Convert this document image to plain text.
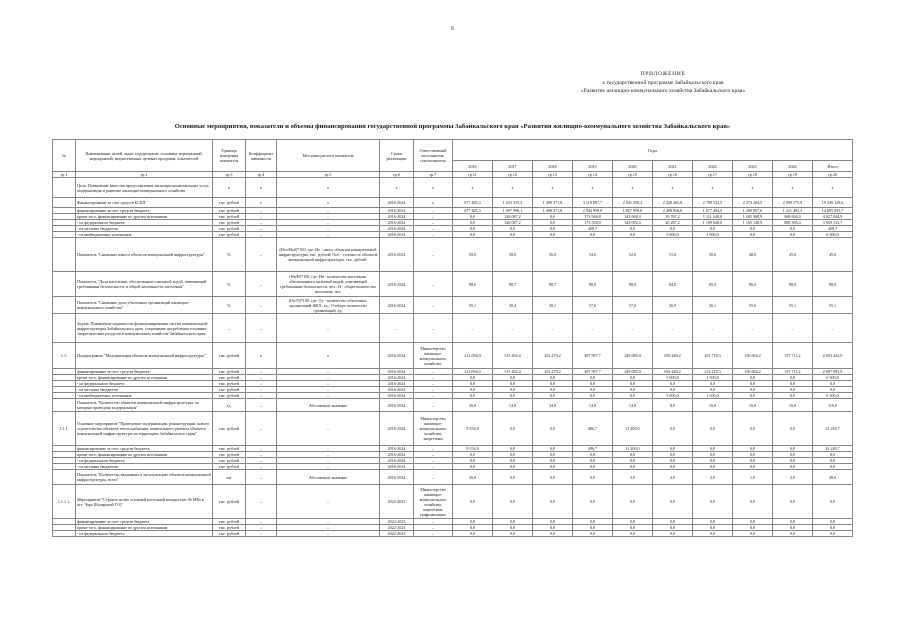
6
ПРИЛОЖЕНИЕ
к государственной программе Забайкальского края
«Развитие жилищно-коммунального хозяйства Забайкальского края»
Основные мероприятия, показатели и объемы финансирования государственной программы Забайкальского края «Развития жилищно-коммунального хозяйства Забайкальского края»
№	Наименование целей, задач, подпрограмм, основных мероприятий, мероприятий, ведомственных целевых программ, показателей	Единица измерения показателя	Коэффициент значимости	Методика расчета показателя	Сроки реализации	Ответственный исполнитель, соисполнитель	Годы									
							2016	2017	2018	2019	2020	2021	2022	2023	2024	Итого
гр.1	гр.2	гр.3	гр.4	гр.5	гр.6	гр.7	гр.11	гр.12	гр.13	гр.14	гр.15	гр.16	гр.17	гр.18	гр.19	гр.20
	Цель: Повышение качества предоставления жилищно-коммунальных услуг, модернизация и развитие жилищно-коммунального хозяйства.	х	х	х	х	х	х	х	х	х	х	х	х	х	х	х
	Финансирование за счет средств БСЕП	тыс. рублей	х	х	2016-2024	х	677 485,3	1 023 315,3	1 498 371,8	3 118 897,7	2 041 258,4	2 428 265,8	2 788 532,5	2 274 204,5	2 090 175,9	19 330 129,6
	финансирование за счет средств бюджета	тыс. рублей	–	–	2016-2024	–	677 485,3	1 097 998,1	1 498 371,8	2 944 959,9	1 857 950,0	2 498 056,6	1 677 494,5	1 200 957,6	1 221 492,3	14 695 095,7
	кроме того, финансирование по другим источникам	тыс. рублей	–	–	2016-2024	–	0,0	326 087,2	0,0	173 946,8	343 668,4	19 767,2	1 111 148,0	1 165 368,9	868 694,4	4 027 044,9
	- из федерального бюджета	тыс. рублей	–	–	2016-2024	–	0,0	326 087,2	0,0	173 558,0	343 092,4	20 287,2	1 109 648,0	1 165 148,9	898 395,4	3 859 133,7
	- из местных бюджетов	тыс. рублей	–	–	2016-2024	–	0,0	0,0	0,0	408,7	0,0	0,0	0,0	0,0	0,0	408,7
	- из внебюджетных источников	тыс. рублей	–	–	2016-2024	–	0,0	0,0	0,0	0,0	0,0	5 000,0	1 500,0	0,0	0,0	6 500,0
	Показатель "Снижение износа объектов коммунальной инфраструктуры"	%	–	(Исо/Иоб)*100, где: Ио - износ объектов коммунальной инфраструктуры, тыс. рублей; Ооб - стоимость объектов коммунальной инфраструктуры, тыс. рублей.	2016-2024	–	59,0	58,0	56,0	54,0	52,0	51,0	50,0	48,0	45,0	45,0
	Показатель "Доля населения, обеспеченного питьевой водой, отвечающей требованиям безопасности, в общей численности населения"	%	–	(Нв/Н)*100, где: Нв - количество населения, обеспеченного питьевой водой, отвечающей требованиям безопасности, чел.; Н - общее количество населения, чел.	2016-2024	–	88,6	88,7	88,7	88,8	88,0	84,0	85,0	86,0	88,0	88,0
	Показатель "Снижение доли убыточных организаций жилищно-коммунального хозяйства"	%	–	(Оу/О)*100, где: Оу - количество убыточных организаций ЖКХ, ед.; О-общее количество организаций, ед.	2016-2024	–	59,1	58,4	58,1	57,6	57,0	56,9	56,1	55,6	55,1	55,1
	Задача: Повышение надежности функционирования систем коммунальной инфраструктуры Забайкальского края, сокращение потребления топливно-энергетических ресурсов в коммунальном хозяйстве Забайкальского края.	–	–	–	–	–	–	–	–	–	–	–	–	–	–	–
1.1.	Подпрограмма "Модернизация объектов коммунальной инфраструктуры"	тыс. рублей	х	х	2016-2024	Министерство жилищно-коммунального хозяйства,	212 094,0	513 402,4	252 479,2	487 997,7	249 085,0	656 449,2	201 718,3	156 694,2	137 711,2	2 693 443,9
	финансирование за счет средств бюджета	тыс. рублей	–	–	2016-2024	–	211 094,0	513 402,4	252 479,2	487 997,7	249 085,0	652 449,2	212 218,3	156 694,2	137 711,2	2 687 993,9
	кроме того, финансирование по другим источникам	тыс. рублей	–	–	2016-2024	–	0,0	0,0	0,0	0,0	0,0	5 000,0	1 500,0	0,0	0,0	6 500,0
	- из федерального бюджета	тыс. рублей	–	–	2016-2024	–	0,0	0,0	0,0	0,0	0,0	0,0	0,0	0,0	0,0	0,0
	- из местных бюджетов	тыс. рублей	–	–	2016-2024	–	0,0	0,0	0,0	0,0	0,0	0,0	0,0	0,0	0,0	0,0
	- из внебюджетных источников	тыс. рублей	–	–	2016-2024	–	0,0	0,0	0,0	0,0	0,0	5 000,0	1 500,0	0,0	0,0	6 500,0
	Показатель "Количество объектов коммунальной инфраструктуры, по которым проведена модернизация"	ед.	–	Абсолютное значение	2016-2024	–	20,0	14,0	34,0	14,0	14,0	8,0	10,0	10,0	10,0	110,0
1.1.1.	Основное мероприятие "Проведение модернизации, реконструкции, нового строительства объектов теплоснабжения, капитального ремонта объектов коммунальной инфраструктуры на территории Забайкальского края"	тыс. рублей	–	–	2016-2024	Министерство жилищно-коммунального хозяйства, энергетики	9 554,0	0,0	0,0	486,7	11 200,0	0,0	0,0	0,0	0,0	21 240,7
	финансирование за счет средств бюджета	тыс. рублей	–	–	2016-2024	–	9 554,0	0,0	0,0	486,7	11 200,0	0,0	0,0	0,0	0,0	21 240,7
	кроме того, финансирование по другим источникам	тыс. рублей	–	–	2016-2024	–	0,0	0,0	0,0	0,0	0,0	0,0	0,0	0,0	0,0	0,0
	- из федерального бюджета	тыс. рублей	–	–	2016-2024	–	0,0	0,0	0,0	0,0	0,0	0,0	0,0	0,0	0,0	0,0
	- из местных бюджетов	тыс. рублей	–	–	2016-2024	–	0,0	0,0	0,0	0,0	0,0	0,0	0,0	0,0	0,0	0,0
	Показатель "Количество введенных в эксплуатацию объектов коммунальной инфраструктуры, всего"	шт	–	Абсолютное значение	2016-2024	–	20,0	0,0	0,0	0,0	3,0	4,0	2,0	1,0	2,0	28,0
1.1.1.1.	Мероприятие "Строительство угольной котельной мощностью 36 МВт в пгт. Чара (Каларский ГО)"	тыс. рублей	–	–	2022-2023	Министерство жилищно-коммунального хозяйства, энергетики, цифровизации	0,0	0,0	0,0	0,0	0,0	0,0	0,0	0,0	0,0	0,0
	финансирование за счет средств бюджета	тыс. рублей	–	–	2022-2023	–	0,0	0,0	0,0	0,0	0,0	0,0	0,0	0,0	0,0	0,0
	кроме того, финансирование по другим источникам	тыс. рублей	–	–	2022-2023	–	0,0	0,0	0,0	0,0	0,0	0,0	0,0	0,0	0,0	0,0
	- из федерального бюджета	тыс. рублей	–	–	2022-2023	–	0,0	0,0	0,0	0,0	0,0	0,0	0,0	0,0	0,0	0,0
